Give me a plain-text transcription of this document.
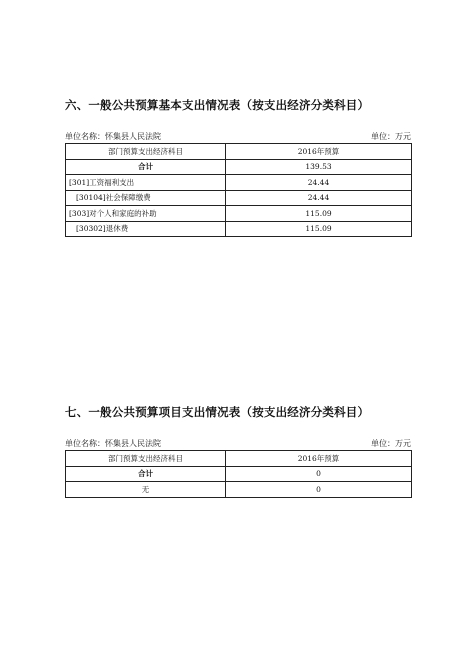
六、一般公共预算基本支出情况表（按支出经济分类科目）
单位名称：怀集县人民法院	单位：万元
部门预算支出经济科目	2016年预算
合计	139.53
[301]工资福利支出	24.44
[30104]社会保障缴费	24.44
[303]对个人和家庭的补助	115.09
[30302]退休费	115.09
七、一般公共预算项目支出情况表（按支出经济分类科目）
单位名称：怀集县人民法院	单位：万元
部门预算支出经济科目	2016年预算
合计	0
无	0
